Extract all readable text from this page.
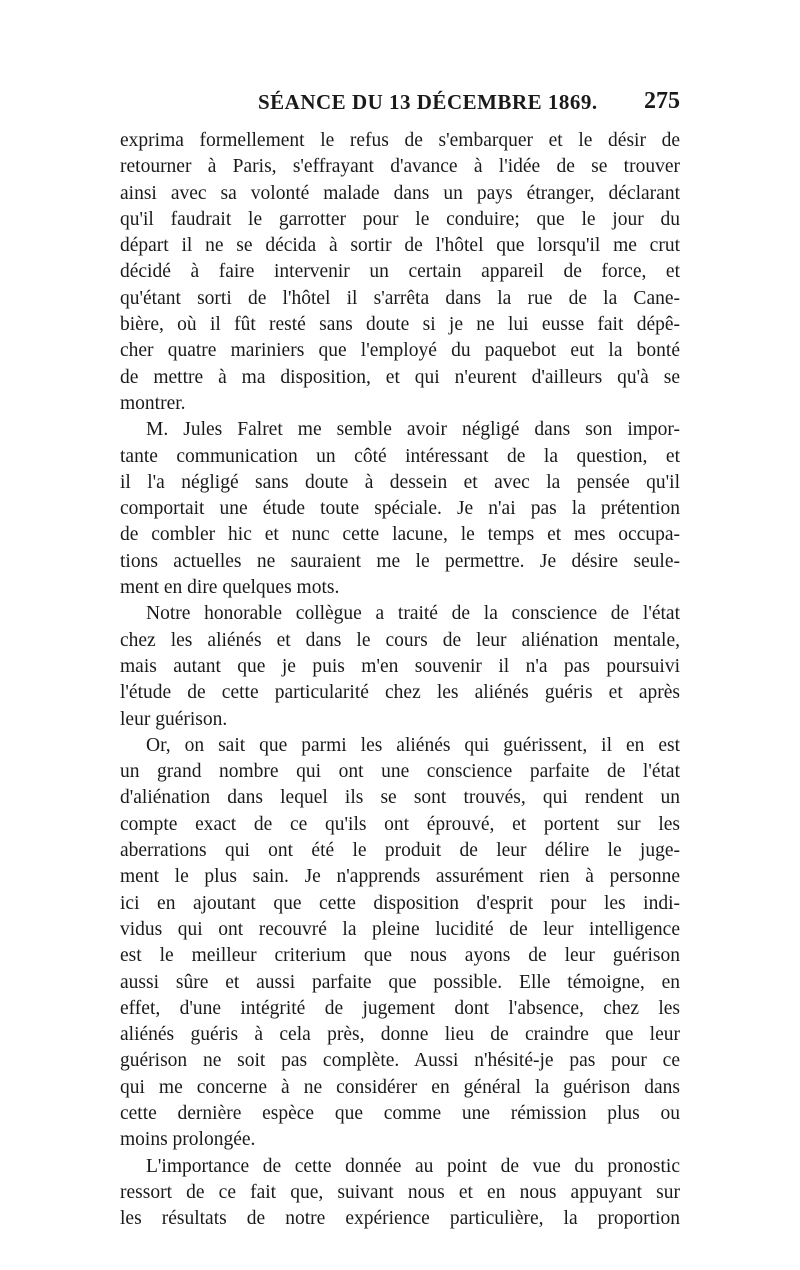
SÉANCE DU 13 DÉCEMBRE 1869. 275
exprima formellement le refus de s'embarquer et le désir de
retourner à Paris, s'effrayant d'avance à l'idée de se trouver
ainsi avec sa volonté malade dans un pays étranger, déclarant
qu'il faudrait le garrotter pour le conduire; que le jour du
départ il ne se décida à sortir de l'hôtel que lorsqu'il me crut
décidé à faire intervenir un certain appareil de force, et
qu'étant sorti de l'hôtel il s'arrêta dans la rue de la Cane-
bière, où il fût resté sans doute si je ne lui eusse fait dépê-
cher quatre mariniers que l'employé du paquebot eut la bonté
de mettre à ma disposition, et qui n'eurent d'ailleurs qu'à se
montrer.
M. Jules Falret me semble avoir négligé dans son impor-
tante communication un côté intéressant de la question, et
il l'a négligé sans doute à dessein et avec la pensée qu'il
comportait une étude toute spéciale. Je n'ai pas la prétention
de combler hic et nunc cette lacune, le temps et mes occupa-
tions actuelles ne sauraient me le permettre. Je désire seule-
ment en dire quelques mots.
Notre honorable collègue a traité de la conscience de l'état
chez les aliénés et dans le cours de leur aliénation mentale,
mais autant que je puis m'en souvenir il n'a pas poursuivi
l'étude de cette particularité chez les aliénés guéris et après
leur guérison.
Or, on sait que parmi les aliénés qui guérissent, il en est
un grand nombre qui ont une conscience parfaite de l'état
d'aliénation dans lequel ils se sont trouvés, qui rendent un
compte exact de ce qu'ils ont éprouvé, et portent sur les
aberrations qui ont été le produit de leur délire le juge-
ment le plus sain. Je n'apprends assurément rien à personne
ici en ajoutant que cette disposition d'esprit pour les indi-
vidus qui ont recouvré la pleine lucidité de leur intelligence
est le meilleur criterium que nous ayons de leur guérison
aussi sûre et aussi parfaite que possible. Elle témoigne, en
effet, d'une intégrité de jugement dont l'absence, chez les
aliénés guéris à cela près, donne lieu de craindre que leur
guérison ne soit pas complète. Aussi n'hésité-je pas pour ce
qui me concerne à ne considérer en général la guérison dans
cette dernière espèce que comme une rémission plus ou
moins prolongée.
L'importance de cette donnée au point de vue du pronostic
ressort de ce fait que, suivant nous et en nous appuyant sur
les résultats de notre expérience particulière, la proportion
